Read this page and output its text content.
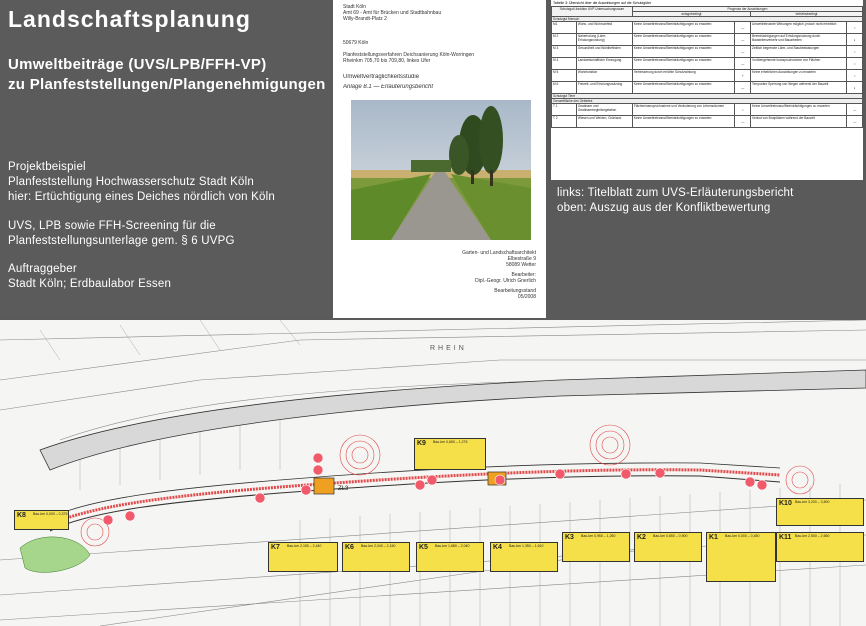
Landschaftsplanung
Umweltbeiträge (UVS/LPB/FFH-VP)
zu Planfeststellungen/Plangenehmigungen
Projektbeispiel
Planfeststellung Hochwasserschutz Stadt Köln
hier: Ertüchtigung eines Deiches nördlich von Köln
UVS, LPB sowie FFH-Screening für die
Planfeststellungsunterlage gem. § 6 UVPG
Auftraggeber
Stadt Köln; Erdbaulabor Essen
Stadt Köln
Amt 69 - Amt für Brücken und Stadtbahnbau
Willy-Brandt-Platz 2
50679 Köln
Planfeststellungsverfahren Deichsanierung Köln-Worringen
Rheinkm 705,70 bis 709,80, linkes Ufer
Umweltverträglichkeitsstudie
Anlage 8.1 — Erläuterungsbericht
Garten- und Landschaftsarchitekt
Elbestraße 9
58089 Wetter
Bearbeiter:
Dipl.-Geogr. Ulrich Gnerlich
Bearbeitungsstand
05/2008
Tabelle 3: Übersicht über die Auswirkungen auf die Schutzgüter
Schutzgut/-funktion UVP-Untersuchungsraum		Prognose der Auswirkungen			
		anlagebedingt		betriebsbedingt	
Schutzgut Mensch					
M1	Wohn- und Wohnumfeld	Keine Umweltrelevanz/Beeinträchtigungen zu erwarten	—	Umweltrelevante Wirkungen möglich, jedoch nicht erheblich	○
M 2	Naherholung (Lärm, Erholungsnutzung)	Keine Umweltrelevanz/Beeinträchtigungen zu erwarten	—	Beeinträchtigungen auf Erholungsnutzung durch Baustellenverkehr und Bauarbeiten	◐
M 3	Gesundheit und Wohlbefinden	Keine Umweltrelevanz/Beeinträchtigungen zu erwarten	—	Zeitlich begrenzte Lärm- und Staubbelastungen	○
M 4	Landwirtschaftliche Erzeugung	Keine Umweltrelevanz/Beeinträchtigungen zu erwarten	—	Vorübergehende Inanspruchnahme von Flächen	○
M 5	Wohnfunktion	Verbesserung durch erhöhte Schutzwirkung	+	Keine erheblichen Auswirkungen zu erwarten	○
M 6	Freizeit- und Erholungsnutzung	Keine Umweltrelevanz/Beeinträchtigungen zu erwarten	—	Temporäre Sperrung von Wegen während der Bauzeit	◐
Schutzgut Tiere					
Gesamtfläche des Gebietes					
T 1	Gewässer und Gewässerbegleitvegetation	Flächeninanspruchnahme und Veränderung von Lebensräumen	○	Keine Umweltrelevanz/Beeinträchtigungen zu erwarten	—
T 2	Wiesen und Weiden, Grünland	Keine Umweltrelevanz/Beeinträchtigungen zu erwarten	—	Verlust von Brutplätzen während der Bauzeit	—
links: Titelblatt zum UVS-Erläuterungsbericht
oben: Auszug aus der Konfliktbewertung
ZL3
RHEIN
K8	Bau-km 0,000 – 0,375
K7	Bau-km 2,150 – 2,440	K6	Bau-km 2,040 – 2,150	K5	Bau-km 1,680 – 2,040	K4	Bau-km 1,350 – 1,610
K3	Bau-km 0,950 – 1,250	K2	Bau-km 0,650 – 0,900	K1	Bau-km 0,000 – 0,450	K11	Bau-km 2,500 – 2,650
K9	Bau-km 0,650 – 1,275
K10 Bau-km 3,200 – 3,500
